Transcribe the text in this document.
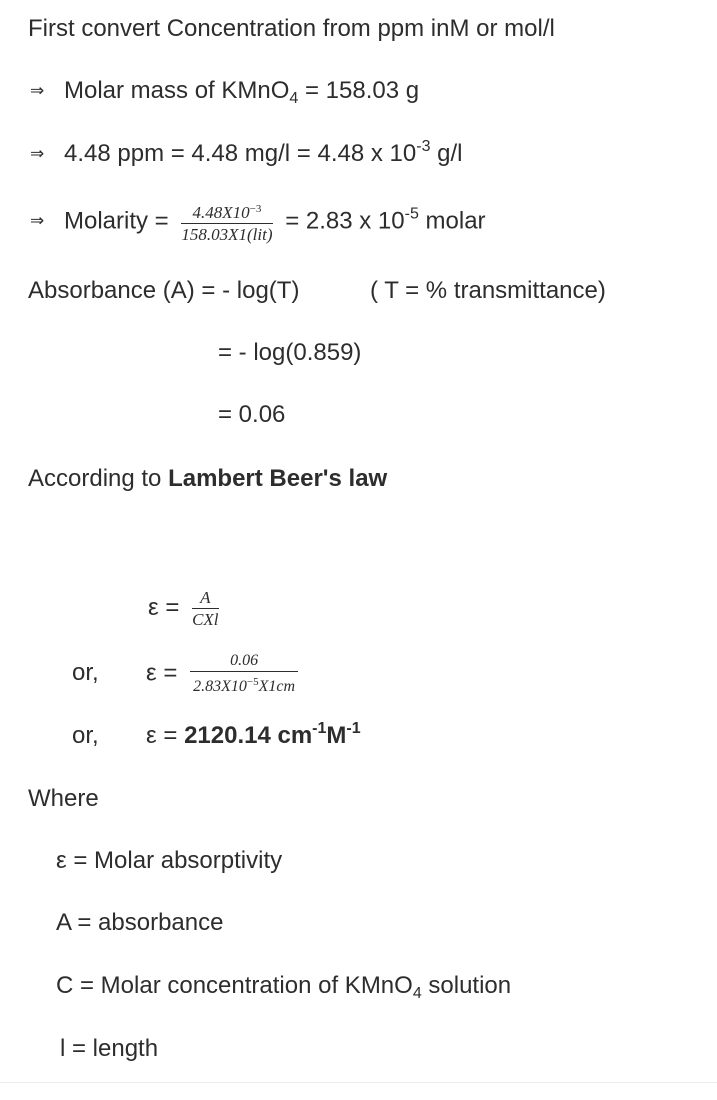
First convert Concentration from ppm inM or mol/l
⇒ Molar mass of KMnO$_4$ = 158.03 g
⇒ 4.48 ppm = 4.48 mg/l = 4.48 x $10^{-3}$ g/l
⇒ Molarity = $\frac{4.48X10^{-3}}{\text{158.03X1(lit)}} = 2.83$ x $10^{-5}$ molar
Absorbance (A) = - log(T)	( T = % transmittance)
= - log(0.859)
= 0.06
According to Lambert Beer's law
$\varepsilon = \frac{A}{\text{CXl}}$
or, $\varepsilon = \frac{0.06}{2.83X10^{-5}X1cm}$
or, ε = 2120.14 $cm^{-1}M^{-1}$
Where
ε = Molar absorptivity
A = absorbance
C = Molar concentration of KMnO$_4$ solution
l = length
